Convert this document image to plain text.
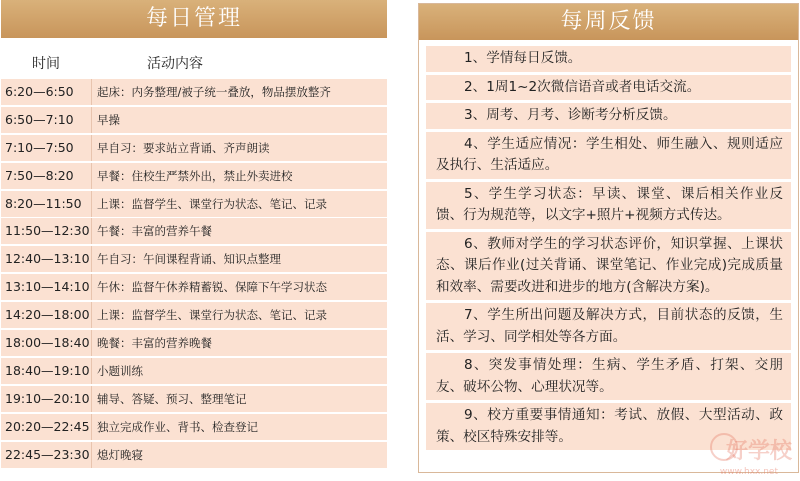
每日管理
时间	活动内容
6:20—6:50	起床：内务整理/被子统一叠放，物品摆放整齐
6:50—7:10	早操
7:10—7:50	早自习：要求站立背诵、齐声朗读
7:50—8:20	早餐：住校生严禁外出，禁止外卖进校
8:20—11:50	上课：监督学生、课堂行为状态、笔记、记录
11:50—12:30 午餐：丰富的营养午餐
12:40—13:10 午自习：午间课程背诵、知识点整理
13:10—14:10 午休：监督午休养精蓄锐、保障下午学习状态
14:20—18:00 上课：监督学生、课堂行为状态、笔记、记录
18:00—18:40 晚餐：丰富的营养晚餐
18:40—19:10 小题训练
19:10—20:10 辅导、答疑、预习、整理笔记
20:20—22:45 独立完成作业、背书、检查登记
22:45—23:30 熄灯晚寝
每周反馈
1、学情每日反馈。
2、1周1~2次微信语音或者电话交流。
3、周考、月考、诊断考分析反馈。
4、学生适应情况：学生相处、师生融入、规则适应及执行、生活适应。
5、学生学习状态：早读、课堂、课后相关作业反馈、行为规范等，以文字+照片+视频方式传达。
6、教师对学生的学习状态评价，知识掌握、上课状态、课后作业(过关背诵、课堂笔记、作业完成)完成质量和效率、需要改进和进步的地方(含解决方案)。
7、学生所出问题及解决方式，目前状态的反馈，生活、学习、同学相处等各方面。
8、突发事情处理：生病、学生矛盾、打架、交朋友、破坏公物、心理状况等。
9、校方重要事情通知：考试、放假、大型活动、政策、校区特殊安排等。
好学校
www.hxx.net
